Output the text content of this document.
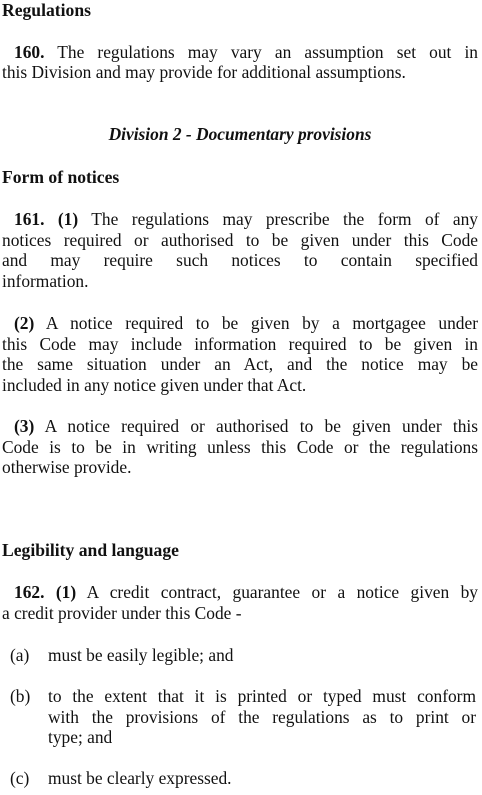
Regulations
160. The regulations may vary an assumption set out in
this Division and may provide for additional assumptions.
Division 2 - Documentary provisions
Form of notices
161. (1) The regulations may prescribe the form of any
notices required or authorised to be given under this Code
and may require such notices to contain specified
information.
(2) A notice required to be given by a mortgagee under
this Code may include information required to be given in
the same situation under an Act, and the notice may be
included in any notice given under that Act.
(3) A notice required or authorised to be given under this
Code is to be in writing unless this Code or the regulations
otherwise provide.
Legibility and language
162. (1) A credit contract, guarantee or a notice given by
a credit provider under this Code -
(a) must be easily legible; and
(b) to the extent that it is printed or typed must conform
with the provisions of the regulations as to print or
type; and
(c) must be clearly expressed.
